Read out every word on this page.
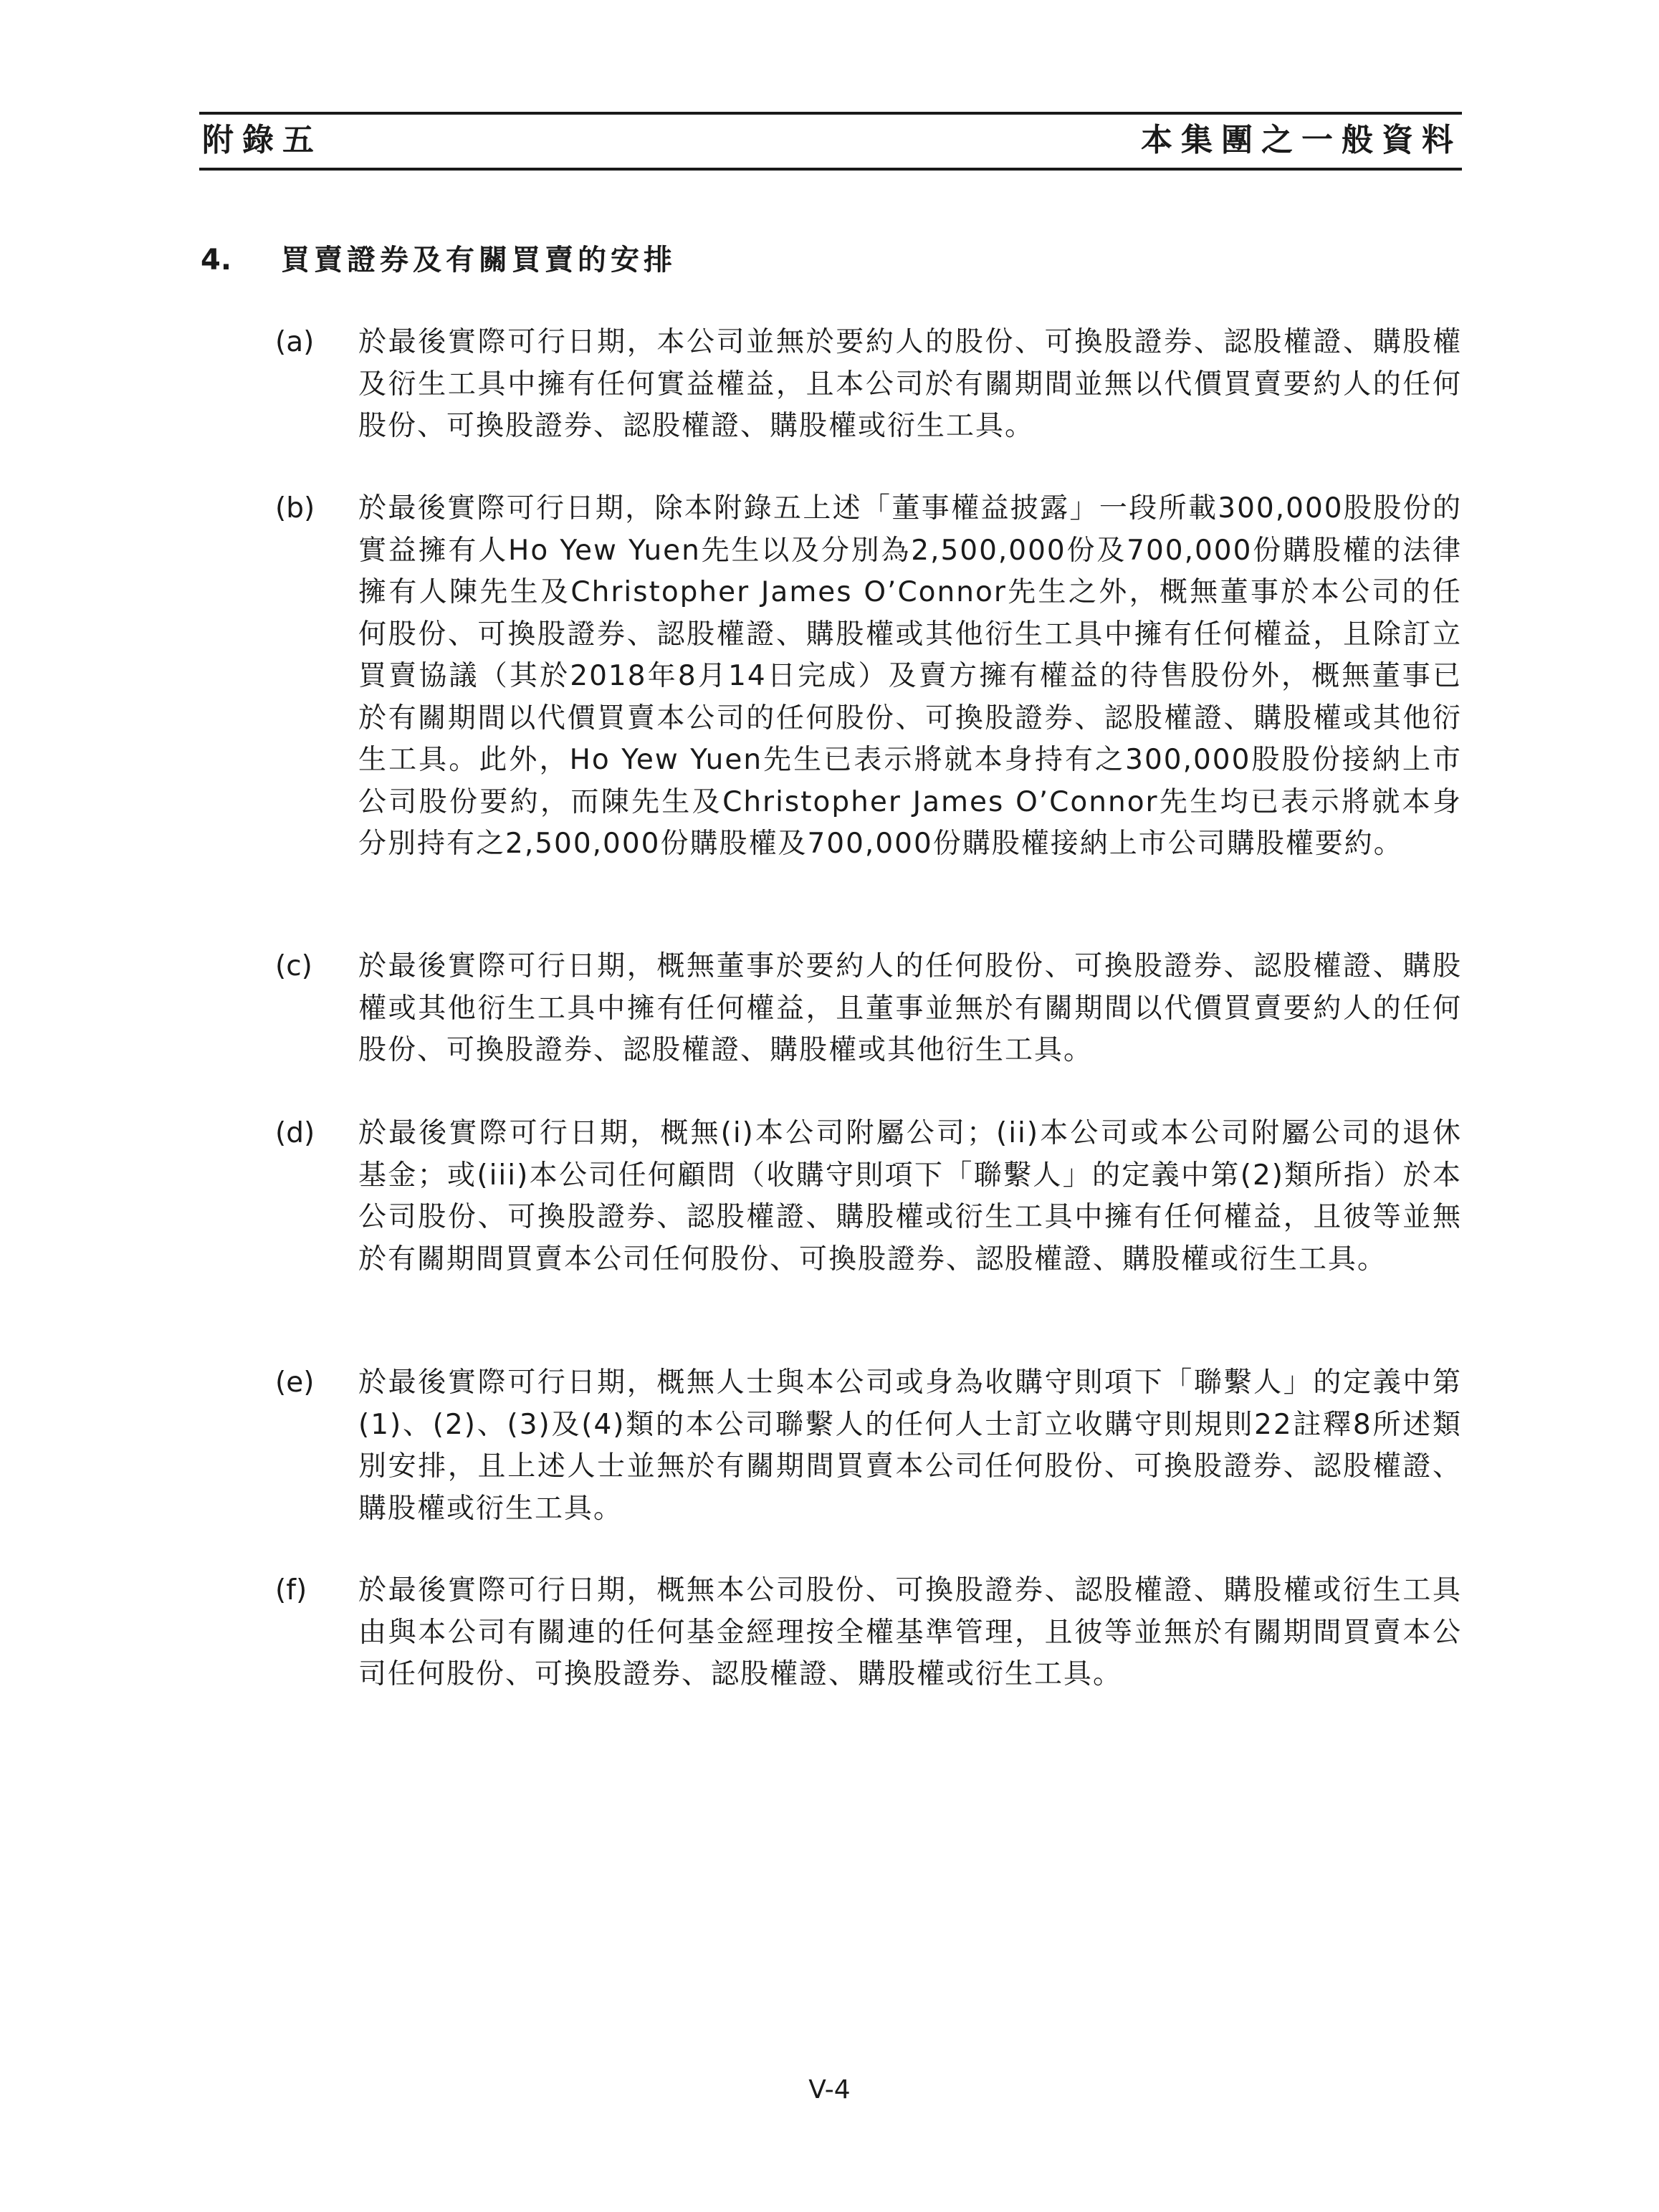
附錄五	本集團之一般資料
4. 買賣證券及有關買賣的安排
(a) 於最後實際可行日期，本公司並無於要約人的股份、可換股證券、認股權證、購股權及衍生工具中擁有任何實益權益，且本公司於有關期間並無以代價買賣要約人的任何股份、可換股證券、認股權證、購股權或衍生工具。

(b) 於最後實際可行日期，除本附錄五上述「董事權益披露」一段所載300,000股股份的實益擁有人Ho Yew Yuen先生以及分別為2,500,000份及700,000份購股權的法律擁有人陳先生及Christopher James O’Connor先生之外，概無董事於本公司的任何股份、可換股證券、認股權證、購股權或其他衍生工具中擁有任何權益，且除訂立買賣協議（其於2018年8月14日完成）及賣方擁有權益的待售股份外，概無董事已於有關期間以代價買賣本公司的任何股份、可換股證券、認股權證、購股權或其他衍生工具。此外，Ho Yew Yuen先生已表示將就本身持有之300,000股股份接納上市公司股份要約，而陳先生及Christopher James O’Connor先生均已表示將就本身分別持有之2,500,000份購股權及700,000份購股權接納上市公司購股權要約。

(c) 於最後實際可行日期，概無董事於要約人的任何股份、可換股證券、認股權證、購股權或其他衍生工具中擁有任何權益，且董事並無於有關期間以代價買賣要約人的任何股份、可換股證券、認股權證、購股權或其他衍生工具。

(d) 於最後實際可行日期，概無(i)本公司附屬公司；(ii)本公司或本公司附屬公司的退休基金；或(iii)本公司任何顧問（收購守則項下「聯繫人」的定義中第(2)類所指）於本公司股份、可換股證券、認股權證、購股權或衍生工具中擁有任何權益，且彼等並無於有關期間買賣本公司任何股份、可換股證券、認股權證、購股權或衍生工具。

(e) 於最後實際可行日期，概無人士與本公司或身為收購守則項下「聯繫人」的定義中第(1)、(2)、(3)及(4)類的本公司聯繫人的任何人士訂立收購守則規則22註釋8所述類別安排，且上述人士並無於有關期間買賣本公司任何股份、可換股證券、認股權證、購股權或衍生工具。

(f) 於最後實際可行日期，概無本公司股份、可換股證券、認股權證、購股權或衍生工具由與本公司有關連的任何基金經理按全權基準管理，且彼等並無於有關期間買賣本公司任何股份、可換股證券、認股權證、購股權或衍生工具。

V-4
